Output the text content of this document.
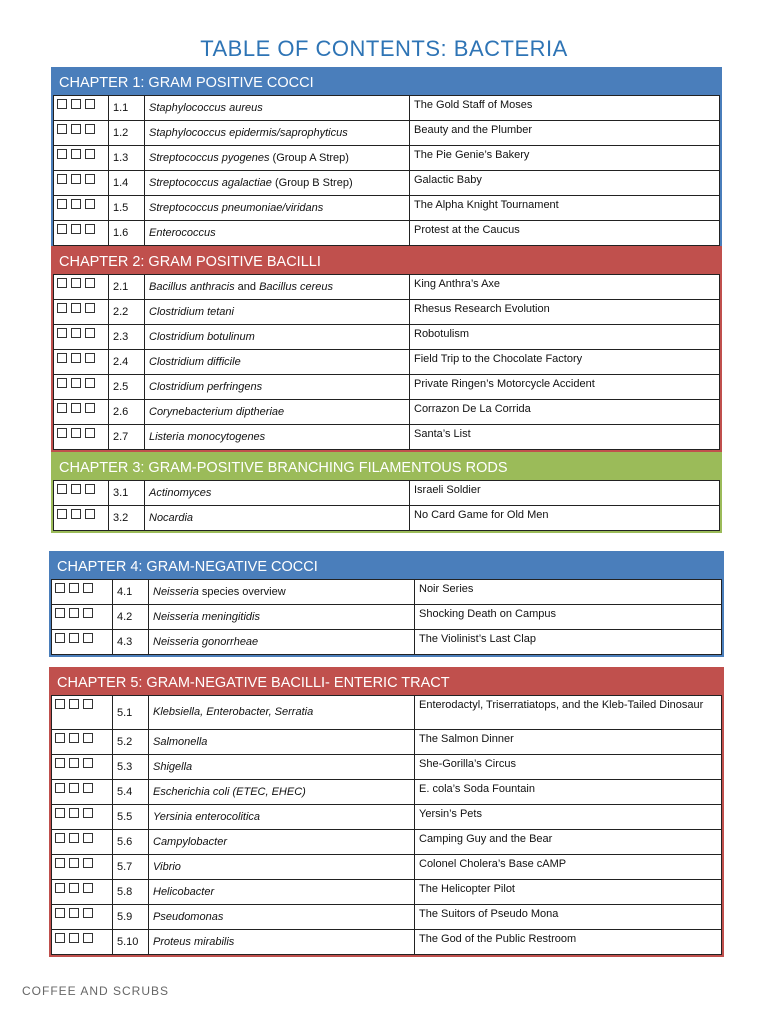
TABLE OF CONTENTS: BACTERIA
CHAPTER 1: GRAM POSITIVE COCCI
	1.1	Staphylococcus aureus	The Gold Staff of Moses
	1.2	Staphylococcus epidermis/saprophyticus	Beauty and the Plumber
	1.3	Streptococcus pyogenes (Group A Strep)	The Pie Genie’s Bakery
	1.4	Streptococcus agalactiae (Group B Strep)	Galactic Baby
	1.5	Streptococcus pneumoniae/viridans	The Alpha Knight Tournament
	1.6	Enterococcus	Protest at the Caucus
CHAPTER 2: GRAM POSITIVE BACILLI
	2.1	Bacillus anthracis and Bacillus cereus	King Anthra’s Axe
	2.2	Clostridium tetani	Rhesus Research Evolution
	2.3	Clostridium botulinum	Robotulism
	2.4	Clostridium difficile	Field Trip to the Chocolate Factory
	2.5	Clostridium perfringens	Private Ringen’s Motorcycle Accident
	2.6	Corynebacterium diptheriae	Corrazon De La Corrida
	2.7	Listeria monocytogenes	Santa’s List
CHAPTER 3: GRAM-POSITIVE BRANCHING FILAMENTOUS RODS
	3.1	Actinomyces	Israeli Soldier
	3.2	Nocardia	No Card Game for Old Men
CHAPTER 4: GRAM-NEGATIVE COCCI
	4.1	Neisseria species overview	Noir Series
	4.2	Neisseria meningitidis	Shocking Death on Campus
	4.3	Neisseria gonorrheae	The Violinist’s Last Clap
CHAPTER 5: GRAM-NEGATIVE BACILLI- ENTERIC TRACT
	5.1	Klebsiella, Enterobacter, Serratia	Enterodactyl, Triserratiatops, and the Kleb-Tailed Dinosaur
	5.2	Salmonella	The Salmon Dinner
	5.3	Shigella	She-Gorilla’s Circus
	5.4	Escherichia coli (ETEC, EHEC)	E. cola’s Soda Fountain
	5.5	Yersinia enterocolitica	Yersin’s Pets
	5.6	Campylobacter	Camping Guy and the Bear
	5.7	Vibrio	Colonel Cholera’s Base cAMP
	5.8	Helicobacter	The Helicopter Pilot
	5.9	Pseudomonas	The Suitors of Pseudo Mona
	5.10	Proteus mirabilis	The God of the Public Restroom
COFFEE AND SCRUBS
